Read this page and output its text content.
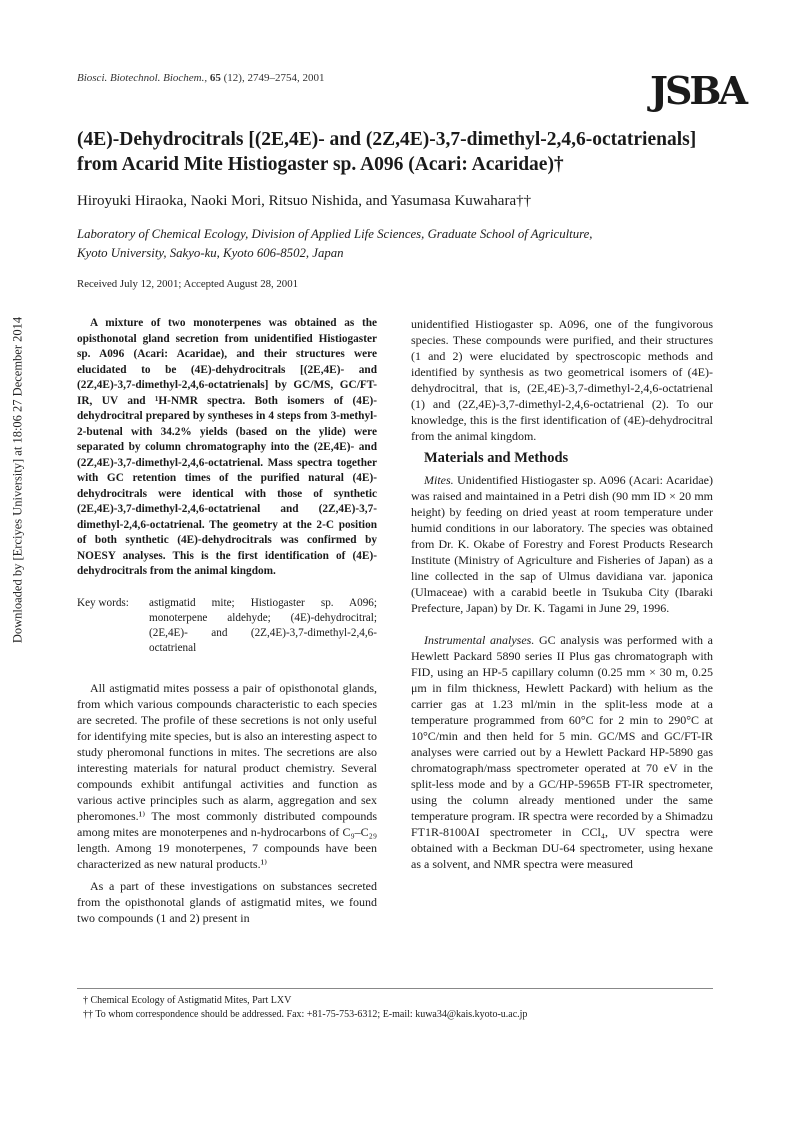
Downloaded by [Erciyes University] at 18:06 27 December 2014
Biosci. Biotechnol. Biochem., 65 (12), 2749–2754, 2001	JSBA
(4E)-Dehydrocitrals [(2E,4E)- and (2Z,4E)-3,7-dimethyl-2,4,6-octatrienals]
from Acarid Mite Histiogaster sp. A096 (Acari: Acaridae)†
Hiroyuki Hiraoka, Naoki Mori, Ritsuo Nishida, and Yasumasa Kuwahara††
Laboratory of Chemical Ecology, Division of Applied Life Sciences, Graduate School of Agriculture,
Kyoto University, Sakyo-ku, Kyoto 606-8502, Japan
Received July 12, 2001; Accepted August 28, 2001

A mixture of two monoterpenes was obtained as the opisthonotal gland secretion from unidentified Histiogaster sp. A096 (Acari: Acaridae), and their structures were elucidated to be (4E)-dehydrocitrals [(2E,4E)- and (2Z,4E)-3,7-dimethyl-2,4,6-octatrienals] by GC/MS, GC/FT-IR, UV and ¹H-NMR spectra. Both isomers of (4E)-dehydrocitral prepared by syntheses in 4 steps from 3-methyl-2-butenal with 34.2% yields (based on the ylide) were separated by column chromatography into the (2E,4E)- and (2Z,4E)-3,7-dimethyl-2,4,6-octatrienal. Mass spectra together with GC retention times of the purified natural (4E)-dehydrocitrals were identical with those of synthetic (2E,4E)-3,7-dimethyl-2,4,6-octatrienal and (2Z,4E)-3,7-dimethyl-2,4,6-octatrienal. The geometry at the 2-C position of both synthetic (4E)-dehydrocitrals was confirmed by NOESY analyses. This is the first identification of (4E)-dehydrocitrals from the animal kingdom.

Key words:	astigmatid mite; Histiogaster sp. A096; monoterpene aldehyde; (4E)-dehydrocitral; (2E,4E)- and (2Z,4E)-3,7-dimethyl-2,4,6-octatrienal

All astigmatid mites possess a pair of opisthonotal glands, from which various compounds characteristic to each species are secreted. The profile of these secretions is not only useful for identifying mite species, but is also an interesting aspect to study pheromonal functions in mites. The secretions are also interesting materials for natural product chemistry. Several compounds exhibit antifungal activities and function as various active principles such as alarm, aggregation and sex pheromones.¹⁾ The most commonly distributed compounds among mites are monoterpenes and n-hydrocarbons of C₉–C₂₉ length. Among 19 monoterpenes, 7 compounds have been characterized as new natural products.¹⁾

As a part of these investigations on substances secreted from the opisthonotal glands of astigmatid mites, we found two compounds (1 and 2) present in

unidentified Histiogaster sp. A096, one of the fungivorous species. These compounds were purified, and their structures (1 and 2) were elucidated by spectroscopic methods and identified by synthesis as two geometrical isomers of (4E)-dehydrocitral, that is, (2E,4E)-3,7-dimethyl-2,4,6-octatrienal (1) and (2Z,4E)-3,7-dimethyl-2,4,6-octatrienal (2). To our knowledge, this is the first identification of (4E)-dehydrocitral from the animal kingdom.

Materials and Methods

Mites. Unidentified Histiogaster sp. A096 (Acari: Acaridae) was raised and maintained in a Petri dish (90 mm ID × 20 mm height) by feeding on dried yeast at room temperature under humid conditions in our laboratory. The species was obtained from Dr. K. Okabe of Forestry and Forest Products Research Institute (Ministry of Agriculture and Fisheries of Japan) as a line collected in the sap of Ulmus davidiana var. japonica (Ulmaceae) with a carabid beetle in Tsukuba City (Ibaraki Prefecture, Japan) by Dr. K. Tagami in June 29, 1996.

Instrumental analyses. GC analysis was performed with a Hewlett Packard 5890 series II Plus gas chromatograph with FID, using an HP-5 capillary column (0.25 mm × 30 m, 0.25 μm in film thickness, Hewlett Packard) with helium as the carrier gas at 1.23 ml/min in the split-less mode at a temperature programmed from 60°C for 2 min to 290°C at 10°C/min and then held for 5 min. GC/MS and GC/FT-IR analyses were carried out by a Hewlett Packard HP-5890 gas chromatograph/mass spectrometer operated at 70 eV in the split-less mode and by a GC/HP-5965B FT-IR spectrometer, using the column already mentioned under the same temperature program. IR spectra were recorded by a Shimadzu FT1R-8100AI spectrometer in CCl₄, UV spectra were obtained with a Beckman DU-64 spectrometer, using hexane as a solvent, and NMR spectra were measured

† Chemical Ecology of Astigmatid Mites, Part LXV
†† To whom correspondence should be addressed. Fax: +81-75-753-6312; E-mail: kuwa34@kais.kyoto-u.ac.jp
